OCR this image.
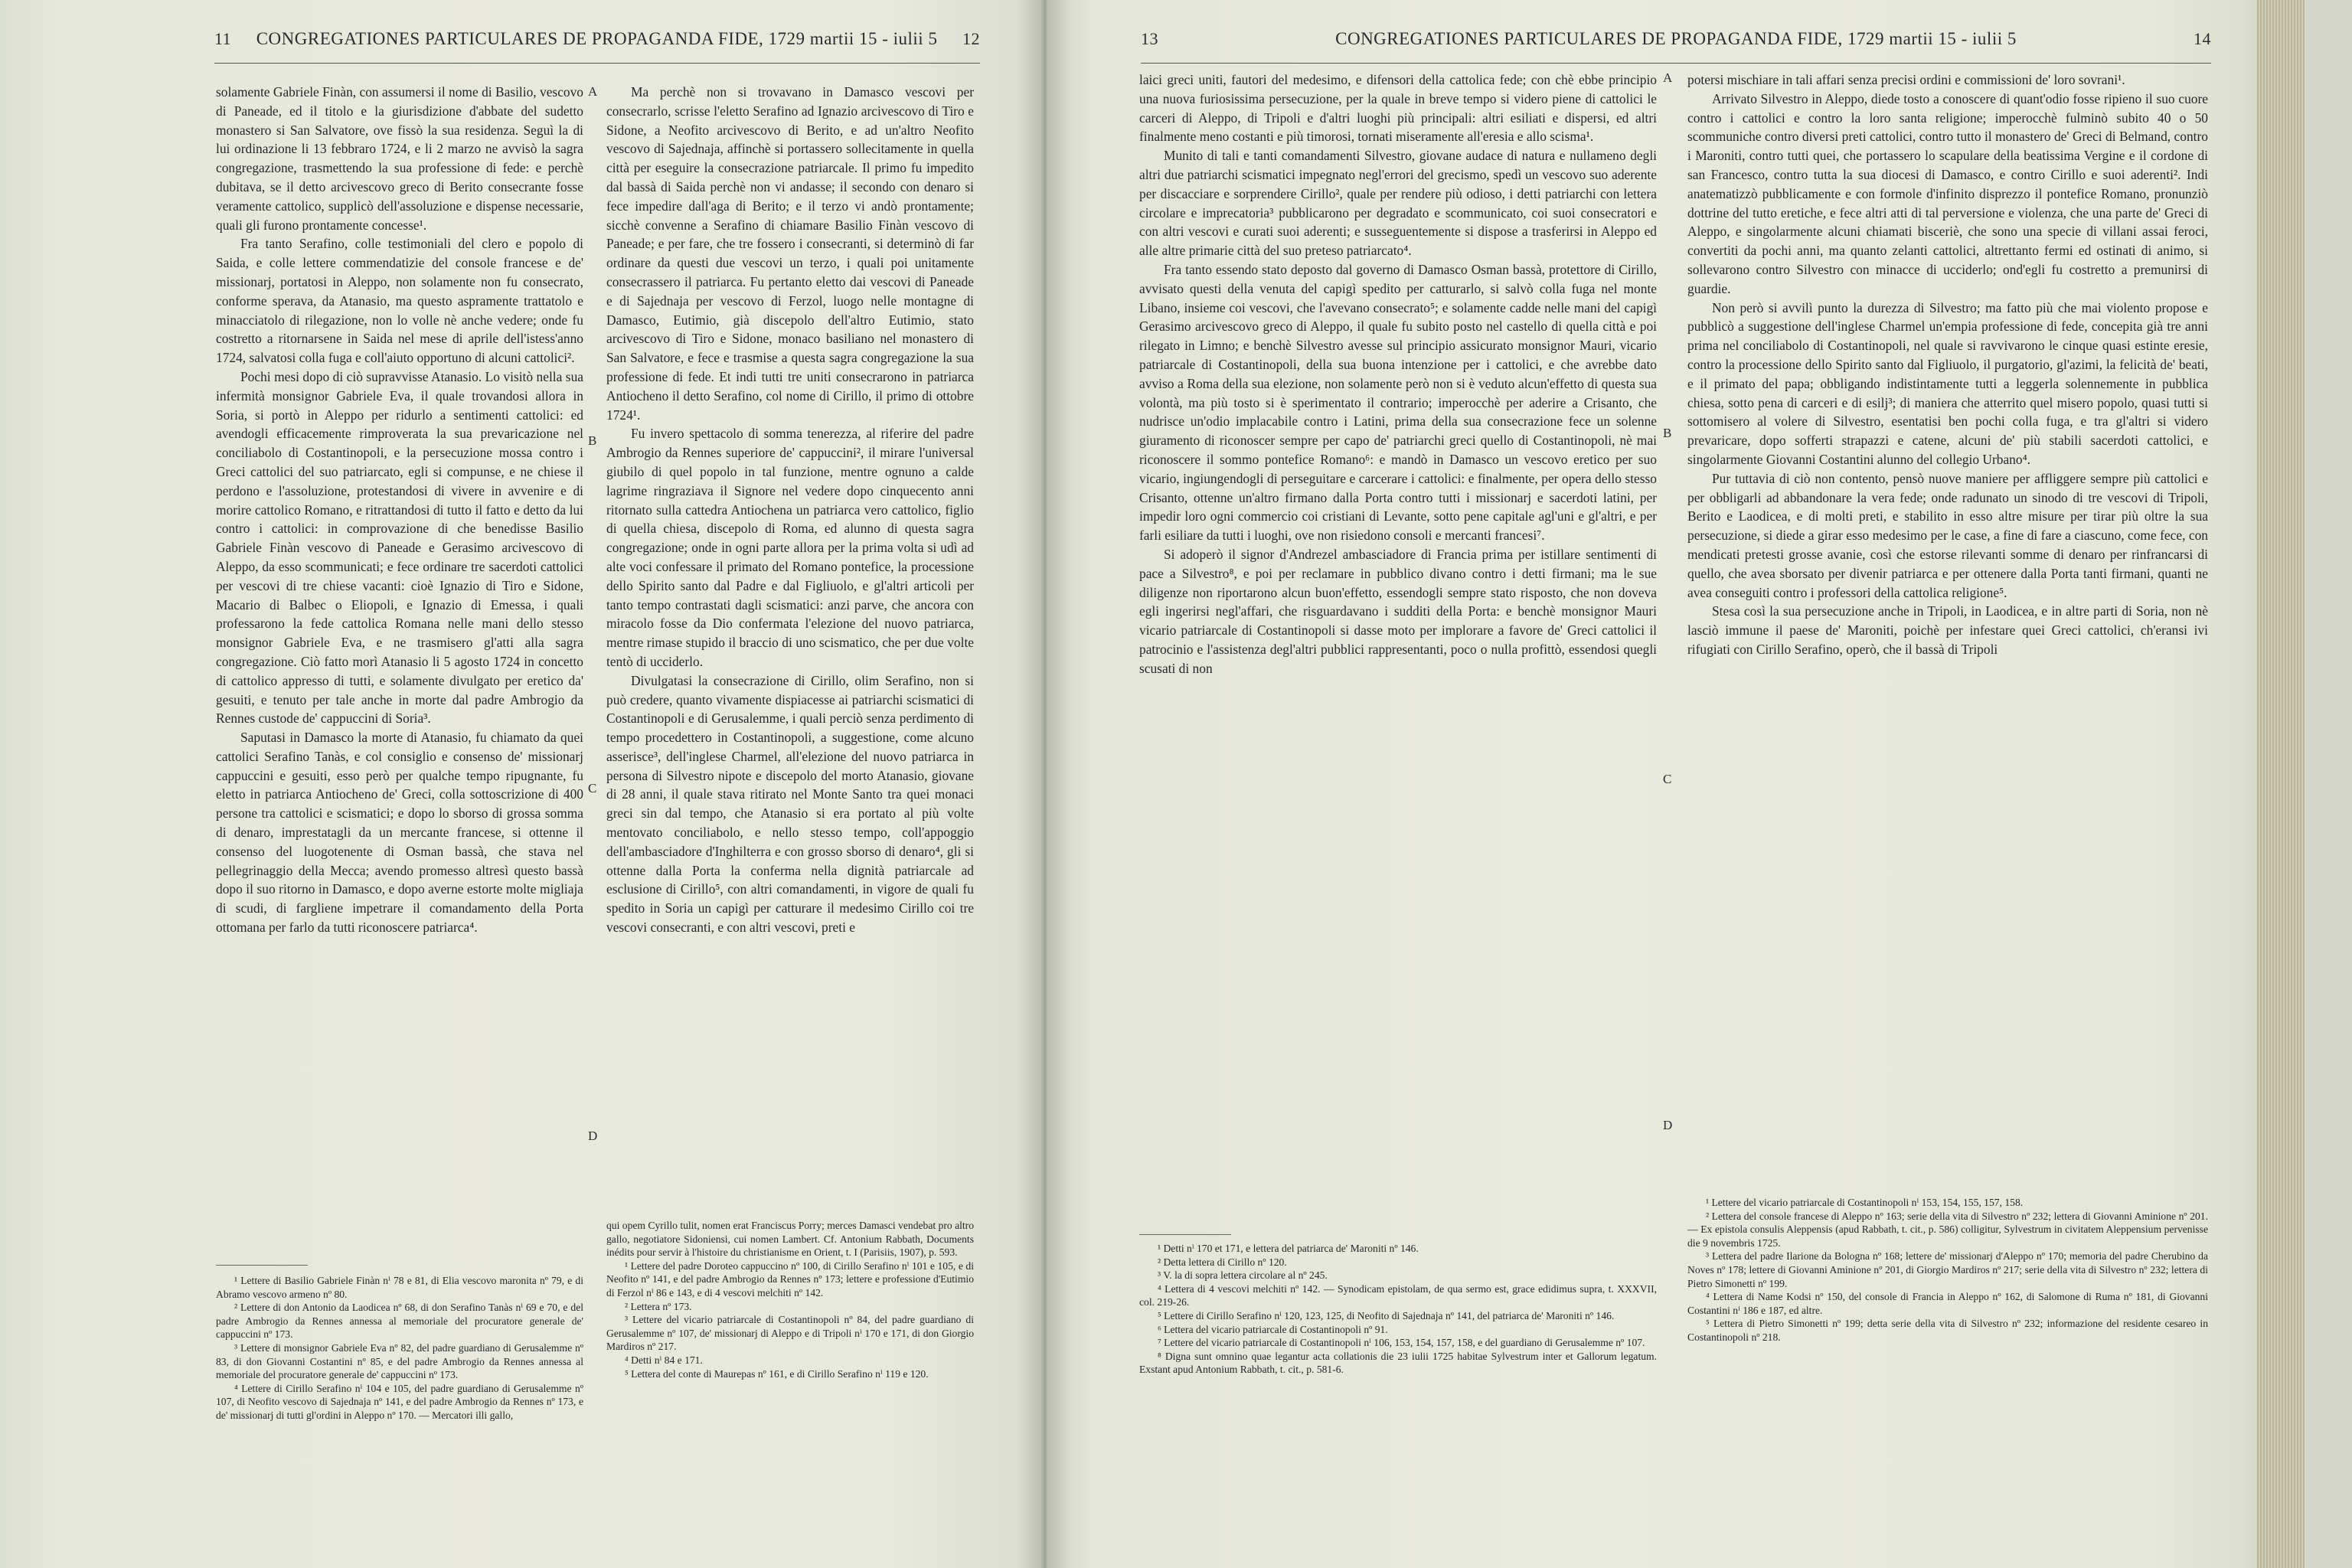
11 CONGREGATIONES PARTICULARES DE PROPAGANDA FIDE, 1729 martii 15 - iulii 5 12

solamente Gabriele Finàn, con assumersi il nome di Basilio, vescovo di Paneade, ed il titolo e la giurisdizione d'abbate del sudetto monastero si San Salvatore, ove fissò la sua residenza. Seguì la di lui ordinazione li 13 febbraro 1724, e li 2 marzo ne avvisò la sagra congregazione, trasmettendo la sua professione di fede: e perchè dubitava, se il detto arcivescovo greco di Berito consecrante fosse veramente cattolico, supplicò dell'assoluzione e dispense necessarie, quali gli furono prontamente concesse¹.

Fra tanto Serafino, colle testimoniali del clero e popolo di Saida, e colle lettere commendatizie del console francese e de' missionarj, portatosi in Aleppo, non solamente non fu consecrato, conforme sperava, da Atanasio, ma questo aspramente trattatolo e minacciatolo di rilegazione, non lo volle nè anche vedere; onde fu costretto a ritornarsene in Saida nel mese di aprile dell'istess'anno 1724, salvatosi colla fuga e coll'aiuto opportuno di alcuni cattolici².

Pochi mesi dopo di ciò supravvisse Atanasio. Lo visitò nella sua infermità monsignor Gabriele Eva, il quale trovandosi allora in Soria, si portò in Aleppo per ridurlo a sentimenti cattolici: ed avendogli efficacemente rimproverata la sua prevaricazione nel conciliabolo di Costantinopoli, e la persecuzione mossa contro i Greci cattolici del suo patriarcato, egli si compunse, e ne chiese il perdono e l'assoluzione, protestandosi di vivere in avvenire e di morire cattolico Romano, e ritrattandosi di tutto il fatto e detto da lui contro i cattolici: in comprovazione di che benedisse Basilio Gabriele Finàn vescovo di Paneade e Gerasimo arcivescovo di Aleppo, da esso scommunicati; e fece ordinare tre sacerdoti cattolici per vescovi di tre chiese vacanti: cioè Ignazio di Tiro e Sidone, Macario di Balbec o Eliopoli, e Ignazio di Emessa, i quali professarono la fede cattolica Romana nelle mani dello stesso monsignor Gabriele Eva, e ne trasmisero gl'atti alla sagra congregazione. Ciò fatto morì Atanasio li 5 agosto 1724 in concetto di cattolico appresso di tutti, e solamente divulgato per eretico da' gesuiti, e tenuto per tale anche in morte dal padre Ambrogio da Rennes custode de' cappuccini di Soria³.

Saputasi in Damasco la morte di Atanasio, fu chiamato da quei cattolici Serafino Tanàs, e col consiglio e consenso de' missionarj cappuccini e gesuiti, esso però per qualche tempo ripugnante, fu eletto in patriarca Antiocheno de' Greci, colla sottoscrizione di 400 persone tra cattolici e scismatici; e dopo lo sborso di grossa somma di denaro, imprestatagli da un mercante francese, si ottenne il consenso del luogotenente di Osman bassà, che stava nel pellegrinaggio della Mecca; avendo promesso altresì questo bassà dopo il suo ritorno in Damasco, e dopo averne estorte molte migliaja di scudi, di fargliene impetrare il comandamento della Porta ottomana per farlo da tutti riconoscere patriarca⁴.

Ma perchè non si trovavano in Damasco vescovi per consecrarlo, scrisse l'eletto Serafino ad Ignazio arcivescovo di Tiro e Sidone, a Neofito arcivescovo di Berito, e ad un'altro Neofito vescovo di Sajednaja, affinchè si portassero sollecitamente in quella città per eseguire la consecrazione patriarcale. Il primo fu impedito dal bassà di Saida perchè non vi andasse; il secondo con denaro si fece impedire dall'aga di Berito; e il terzo vi andò prontamente; sicchè convenne a Serafino di chiamare Basilio Finàn vescovo di Paneade; e per fare, che tre fossero i consecranti, si determinò di far ordinare da questi due vescovi un terzo, i quali poi unitamente consecrassero il patriarca. Fu pertanto eletto dai vescovi di Paneade e di Sajednaja per vescovo di Ferzol, luogo nelle montagne di Damasco, Eutimio, già discepolo dell'altro Eutimio, stato arcivescovo di Tiro e Sidone, monaco basiliano nel monastero di San Salvatore, e fece e trasmise a questa sagra congregazione la sua professione di fede. Et indi tutti tre uniti consecrarono in patriarca Antiocheno il detto Serafino, col nome di Cirillo, il primo di ottobre 1724¹.

Fu invero spettacolo di somma tenerezza, al riferire del padre Ambrogio da Rennes superiore de' cappuccini², il mirare l'universal giubilo di quel popolo in tal funzione, mentre ognuno a calde lagrime ringraziava il Signore nel vedere dopo cinquecento anni ritornato sulla cattedra Antiochena un patriarca vero cattolico, figlio di quella chiesa, discepolo di Roma, ed alunno di questa sagra congregazione; onde in ogni parte allora per la prima volta si udì ad alte voci confessare il primato del Romano pontefice, la processione dello Spirito santo dal Padre e dal Figliuolo, e gl'altri articoli per tanto tempo contrastati dagli scismatici: anzi parve, che ancora con miracolo fosse da Dio confermata l'elezione del nuovo patriarca, mentre rimase stupido il braccio di uno scismatico, che per due volte tentò di ucciderlo.

Divulgatasi la consecrazione di Cirillo, olim Serafino, non si può credere, quanto vivamente dispiacesse ai patriarchi scismatici di Costantinopoli e di Gerusalemme, i quali perciò senza perdimento di tempo procedettero in Costantinopoli, a suggestione, come alcuno asserisce³, dell'inglese Charmel, all'elezione del nuovo patriarca in persona di Silvestro nipote e discepolo del morto Atanasio, giovane di 28 anni, il quale stava ritirato nel Monte Santo tra quei monaci greci sin dal tempo, che Atanasio si era portato al più volte mentovato conciliabolo, e nello stesso tempo, coll'appoggio dell'ambasciadore d'Inghilterra e con grosso sborso di denaro⁴, gli si ottenne dalla Porta la conferma nella dignità patriarcale ad esclusione di Cirillo⁵, con altri comandamenti, in vigore de quali fu spedito in Soria un capigì per catturare il medesimo Cirillo coi tre vescovi consecranti, e con altri vescovi, preti e

A
B
C
D

¹ Lettere di Basilio Gabriele Finàn nⁱ 78 e 81, di Elia vescovo maronita nº 79, e di Abramo vescovo armeno nº 80.

² Lettere di don Antonio da Laodicea nº 68, di don Serafino Tanàs nⁱ 69 e 70, e del padre Ambrogio da Rennes annessa al memoriale del procuratore generale de' cappuccini nº 173.

³ Lettere di monsignor Gabriele Eva nº 82, del padre guardiano di Gerusalemme nº 83, di don Giovanni Costantini nº 85, e del padre Ambrogio da Rennes annessa al memoriale del procuratore generale de' cappuccini nº 173.

⁴ Lettere di Cirillo Serafino nⁱ 104 e 105, del padre guardiano di Gerusalemme nº 107, di Neofito vescovo di Sajednaja nº 141, e del padre Ambrogio da Rennes nº 173, e de' missionarj di tutti gl'ordini in Aleppo nº 170. — Mercatori illi gallo,

qui opem Cyrillo tulit, nomen erat Franciscus Porry; merces Damasci vendebat pro altro gallo, negotiatore Sidoniensi, cui nomen Lambert. Cf. Antonium Rabbath, Documents inédits pour servir à l'histoire du christianisme en Orient, t. I (Parisiis, 1907), p. 593.

¹ Lettere del padre Doroteo cappuccino nº 100, di Cirillo Serafino nⁱ 101 e 105, e di Neofito nº 141, e del padre Ambrogio da Rennes nº 173; lettere e professione d'Eutimio di Ferzol nⁱ 86 e 143, e di 4 vescovi melchiti nº 142.

² Lettera nº 173.

³ Lettere del vicario patriarcale di Costantinopoli nº 84, del padre guardiano di Gerusalemme nº 107, de' missionarj di Aleppo e di Tripoli nⁱ 170 e 171, di don Giorgio Mardiros nº 217.

⁴ Detti nⁱ 84 e 171.

⁵ Lettera del conte di Maurepas nº 161, e di Cirillo Serafino nⁱ 119 e 120.

13	CONGREGATIONES PARTICULARES DE PROPAGANDA FIDE, 1729 martii 15 - iulii 5	14

laici greci uniti, fautori del medesimo, e difensori della cattolica fede; con chè ebbe principio una nuova furiosissima persecuzione, per la quale in breve tempo si videro piene di cattolici le carceri di Aleppo, di Tripoli e d'altri luoghi più principali: altri esiliati e dispersi, ed altri finalmente meno costanti e più timorosi, tornati miseramente all'eresia e allo scisma¹.

Munito di tali e tanti comandamenti Silvestro, giovane audace di natura e nullameno degli altri due patriarchi scismatici impegnato negl'errori del grecismo, spedì un vescovo suo aderente per discacciare e sorprendere Cirillo², quale per rendere più odioso, i detti patriarchi con lettera circolare e imprecatoria³ pubblicarono per degradato e scommunicato, coi suoi consecratori e con altri vescovi e curati suoi aderenti; e susseguentemente si dispose a trasferirsi in Aleppo ed alle altre primarie città del suo preteso patriarcato⁴.

Fra tanto essendo stato deposto dal governo di Damasco Osman bassà, protettore di Cirillo, avvisato questi della venuta del capigì spedito per catturarlo, si salvò colla fuga nel monte Libano, insieme coi vescovi, che l'avevano consecrato⁵; e solamente cadde nelle mani del capigì Gerasimo arcivescovo greco di Aleppo, il quale fu subito posto nel castello di quella città e poi rilegato in Limno; e benchè Silvestro avesse sul principio assicurato monsignor Mauri, vicario patriarcale di Costantinopoli, della sua buona intenzione per i cattolici, e che avrebbe dato avviso a Roma della sua elezione, non solamente però non si è veduto alcun'effetto di questa sua volontà, ma più tosto si è sperimentato il contrario; imperocchè per aderire a Crisanto, che nudrisce un'odio implacabile contro i Latini, prima della sua consecrazione fece un solenne giuramento di riconoscer sempre per capo de' patriarchi greci quello di Costantinopoli, nè mai riconoscere il sommo pontefice Romano⁶: e mandò in Damasco un vescovo eretico per suo vicario, ingiungendogli di perseguitare e carcerare i cattolici: e finalmente, per opera dello stesso Crisanto, ottenne un'altro firmano dalla Porta contro tutti i missionarj e sacerdoti latini, per impedir loro ogni commercio coi cristiani di Levante, sotto pene capitale agl'uni e gl'altri, e per farli esiliare da tutti i luoghi, ove non risiedono consoli e mercanti francesi⁷.

Si adoperò il signor d'Andrezel ambasciadore di Francia prima per istillare sentimenti di pace a Silvestro⁸, e poi per reclamare in pubblico divano contro i detti firmani; ma le sue diligenze non riportarono alcun buon'effetto, essendogli sempre stato risposto, che non doveva egli ingerirsi negl'affari, che risguardavano i sudditi della Porta: e benchè monsignor Mauri vicario patriarcale di Costantinopoli si dasse moto per implorare a favore de' Greci cattolici il patrocinio e l'assistenza degl'altri pubblici rappresentanti, poco o nulla profittò, essendosi quegli scusati di non

potersi mischiare in tali affari senza precisi ordini e commissioni de' loro sovrani¹.

Arrivato Silvestro in Aleppo, diede tosto a conoscere di quant'odio fosse ripieno il suo cuore contro i cattolici e contro la loro santa religione; imperocchè fulminò subito 40 o 50 scommuniche contro diversi preti cattolici, contro tutto il monastero de' Greci di Belmand, contro i Maroniti, contro tutti quei, che portassero lo scapulare della beatissima Vergine e il cordone di san Francesco, contro tutta la sua diocesi di Damasco, e contro Cirillo e suoi aderenti². Indi anatematizzò pubblicamente e con formole d'infinito disprezzo il pontefice Romano, pronunziò dottrine del tutto eretiche, e fece altri atti di tal perversione e violenza, che una parte de' Greci di Aleppo, e singolarmente alcuni chiamati bisceriè, che sono una specie di villani assai feroci, convertiti da pochi anni, ma quanto zelanti cattolici, altrettanto fermi ed ostinati di animo, si sollevarono contro Silvestro con minacce di ucciderlo; ond'egli fu costretto a premunirsi di guardie.

Non però si avvilì punto la durezza di Silvestro; ma fatto più che mai violento propose e pubblicò a suggestione dell'inglese Charmel un'empia professione di fede, concepita già tre anni prima nel conciliabolo di Costantinopoli, nel quale si ravvivarono le cinque quasi estinte eresie, contro la processione dello Spirito santo dal Figliuolo, il purgatorio, gl'azimi, la felicità de' beati, e il primato del papa; obbligando indistintamente tutti a leggerla solennemente in pubblica chiesa, sotto pena di carceri e di esilj³; di maniera che atterrito quel misero popolo, quasi tutti si sottomisero al volere di Silvestro, esentatisi ben pochi colla fuga, e tra gl'altri si videro prevaricare, dopo sofferti strapazzi e catene, alcuni de' più stabili sacerdoti cattolici, e singolarmente Giovanni Costantini alunno del collegio Urbano⁴.

Pur tuttavia di ciò non contento, pensò nuove maniere per affliggere sempre più cattolici e per obbligarli ad abbandonare la vera fede; onde radunato un sinodo di tre vescovi di Tripoli, Berito e Laodicea, e di molti preti, e stabilito in esso altre misure per tirar più oltre la sua persecuzione, si diede a girar esso medesimo per le case, a fine di fare a ciascuno, come fece, con mendicati pretesti grosse avanie, così che estorse rilevanti somme di denaro per rinfrancarsi di quello, che avea sborsato per divenir patriarca e per ottenere dalla Porta tanti firmani, quanti ne avea conseguiti contro i professori della cattolica religione⁵.

Stesa così la sua persecuzione anche in Tripoli, in Laodicea, e in altre parti di Soria, non nè lasciò immune il paese de' Maroniti, poichè per infestare quei Greci cattolici, ch'eransi ivi rifugiati con Cirillo Serafino, operò, che il bassà di Tripoli

A
B
C
D

¹ Detti nⁱ 170 et 171, e lettera del patriarca de' Maroniti nº 146.

² Detta lettera di Cirillo nº 120.

³ V. la di sopra lettera circolare al nº 245.

⁴ Lettera di 4 vescovi melchiti nº 142. — Synodicam epistolam, de qua sermo est, grace edidimus supra, t. XXXVII, col. 219-26.

⁵ Lettere di Cirillo Serafino nⁱ 120, 123, 125, di Neofito di Sajednaja nº 141, del patriarca de' Maroniti nº 146.

⁶ Lettera del vicario patriarcale di Costantinopoli nº 91.

⁷ Lettere del vicario patriarcale di Costantinopoli nⁱ 106, 153, 154, 157, 158, e del guardiano di Gerusalemme nº 107.

⁸ Digna sunt omnino quae legantur acta collationis die 23 iulii 1725 habitae Sylvestrum inter et Gallorum legatum. Exstant apud Antonium Rabbath, t. cit., p. 581-6.

¹ Lettere del vicario patriarcale di Costantinopoli nⁱ 153, 154, 155, 157, 158.

² Lettera del console francese di Aleppo nº 163; serie della vita di Silvestro nº 232; lettera di Giovanni Aminione nº 201. — Ex epistola consulis Aleppensis (apud Rabbath, t. cit., p. 586) colligitur, Sylvestrum in civitatem Aleppensium pervenisse die 9 novembris 1725.

³ Lettera del padre Ilarione da Bologna nº 168; lettere de' missionarj d'Aleppo nº 170; memoria del padre Cherubino da Noves nº 178; lettere di Giovanni Aminione nº 201, di Giorgio Mardiros nº 217; serie della vita di Silvestro nº 232; lettera di Pietro Simonetti nº 199.

⁴ Lettera di Name Kodsi nº 150, del console di Francia in Aleppo nº 162, di Salomone di Ruma nº 181, di Giovanni Costantini nⁱ 186 e 187, ed altre.

⁵ Lettera di Pietro Simonetti nº 199; detta serie della vita di Silvestro nº 232; informazione del residente cesareo in Costantinopoli nº 218.
